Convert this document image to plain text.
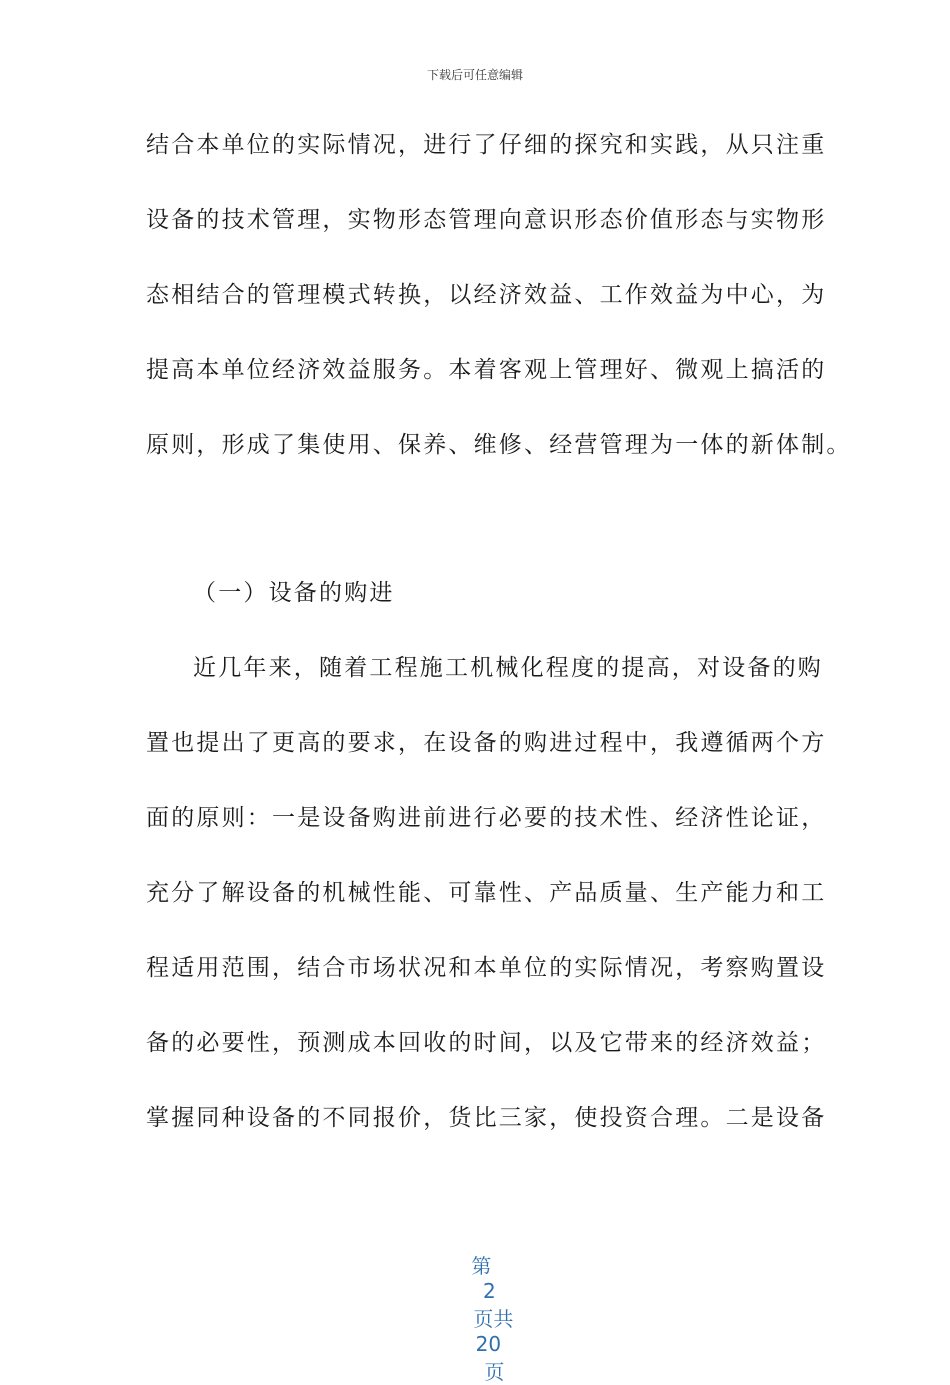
下载后可任意编辑
结合本单位的实际情况，进行了仔细的探究和实践，从只注重
设备的技术管理，实物形态管理向意识形态价值形态与实物形
态相结合的管理模式转换，以经济效益、工作效益为中心，为
提高本单位经济效益服务。本着客观上管理好、微观上搞活的
原则，形成了集使用、保养、维修、经营管理为一体的新体制。
（一）设备的购进
近几年来，随着工程施工机械化程度的提高，对设备的购
置也提出了更高的要求，在设备的购进过程中，我遵循两个方
面的原则：一是设备购进前进行必要的技术性、经济性论证，
充分了解设备的机械性能、可靠性、产品质量、生产能力和工
程适用范围，结合市场状况和本单位的实际情况，考察购置设
备的必要性，预测成本回收的时间，以及它带来的经济效益；
掌握同种设备的不同报价，货比三家，使投资合理。二是设备

第
2
页共
20
页
